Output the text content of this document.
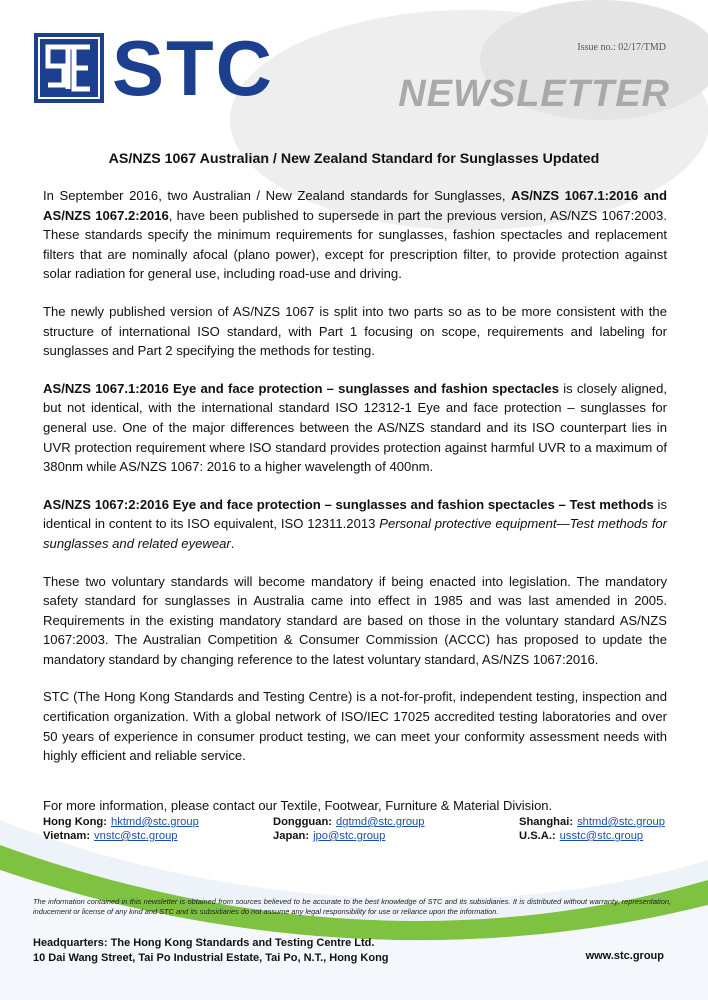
STC	Issue no.: 02/17/TMD
NEWSLETTER
AS/NZS 1067 Australian / New Zealand Standard for Sunglasses Updated

In September 2016, two Australian / New Zealand standards for Sunglasses, AS/NZS 1067.1:2016 and AS/NZS 1067.2:2016, have been published to supersede in part the previous version, AS/NZS 1067:2003. These standards specify the minimum requirements for sunglasses, fashion spectacles and replacement filters that are nominally afocal (plano power), except for prescription filter, to provide protection against solar radiation for general use, including road-use and driving.

The newly published version of AS/NZS 1067 is split into two parts so as to be more consistent with the structure of international ISO standard, with Part 1 focusing on scope, requirements and labeling for sunglasses and Part 2 specifying the methods for testing.

AS/NZS 1067.1:2016 Eye and face protection – sunglasses and fashion spectacles is closely aligned, but not identical, with the international standard ISO 12312-1 Eye and face protection – sunglasses for general use. One of the major differences between the AS/NZS standard and its ISO counterpart lies in UVR protection requirement where ISO standard provides protection against harmful UVR to a maximum of 380nm while AS/NZS 1067: 2016 to a higher wavelength of 400nm.

AS/NZS 1067:2:2016 Eye and face protection – sunglasses and fashion spectacles – Test methods is identical in content to its ISO equivalent, ISO 12311.2013 Personal protective equipment—Test methods for sunglasses and related eyewear.

These two voluntary standards will become mandatory if being enacted into legislation. The mandatory safety standard for sunglasses in Australia came into effect in 1985 and was last amended in 2005. Requirements in the existing mandatory standard are based on those in the voluntary standard AS/NZS 1067:2003. The Australian Competition & Consumer Commission (ACCC) has proposed to update the mandatory standard by changing reference to the latest voluntary standard, AS/NZS 1067:2016.

STC (The Hong Kong Standards and Testing Centre) is a not-for-profit, independent testing, inspection and certification organization. With a global network of ISO/IEC 17025 accredited testing laboratories and over 50 years of experience in consumer product testing, we can meet your conformity assessment needs with highly efficient and reliable service.

For more information, please contact our Textile, Footwear, Furniture & Material Division.
Hong Kong: hktmd@stc.group	Dongguan: dgtmd@stc.group	Shanghai: shtmd@stc.group
Vietnam: vnstc@stc.group	Japan: jpo@stc.group	U.S.A.: usstc@stc.group
The information contained in this newsletter is obtained from sources believed to be accurate to the best knowledge of STC and its subsidiaries. It is distributed without warranty, representation, inducement or license of any kind and STC and its subsidiaries do not assume any legal responsibility for use or reliance upon the information.
Headquarters: The Hong Kong Standards and Testing Centre Ltd.
10 Dai Wang Street, Tai Po Industrial Estate, Tai Po, N.T., Hong Kong	www.stc.group
